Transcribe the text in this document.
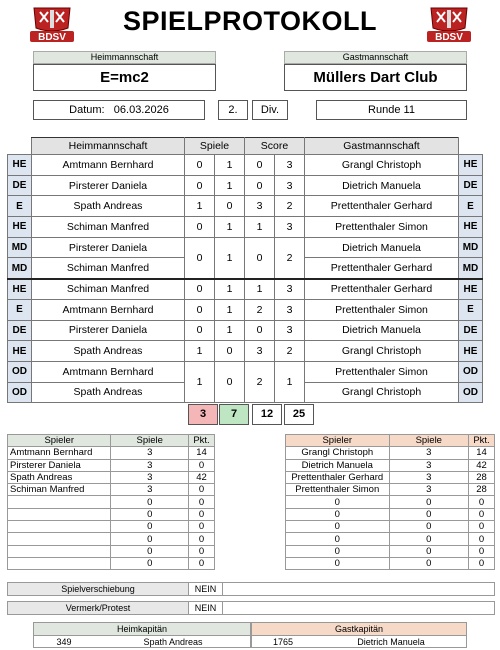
BDSV	BDSV
SPIELPROTOKOLL
Heimmannschaft
E=mc2
Gastmannschaft
Müllers Dart Club
Datum: 06.03.2026	2.	Div.	Runde 11
	Heimmannschaft	Spiele		Score		Gastmannschaft	
HE	Amtmann Bernhard	0	1	0	3	Grangl Christoph	HE
DE	Pirsterer Daniela	0	1	0	3	Dietrich Manuela	DE
E	Spath Andreas	1	0	3	2	Prettenthaler Gerhard	E
HE	Schiman Manfred	0	1	1	3	Prettenthaler Simon	HE
MD	Pirsterer Daniela	0	1	0	2	Dietrich Manuela	MD
MD	Schiman Manfred					Prettenthaler Gerhard	MD
HE	Schiman Manfred	0	1	1	3	Prettenthaler Gerhard	HE
E	Amtmann Bernhard	0	1	2	3	Prettenthaler Simon	E
DE	Pirsterer Daniela	0	1	0	3	Dietrich Manuela	DE
HE	Spath Andreas	1	0	3	2	Grangl Christoph	HE
OD	Amtmann Bernhard	1	0	2	1	Prettenthaler Simon	OD
OD	Spath Andreas					Grangl Christoph	OD
3	7	12	25
Spieler	Spiele	Pkt.
Amtmann Bernhard	3	14
Pirsterer Daniela	3	0
Spath Andreas	3	42
Schiman Manfred	3	0
	0	0
	0	0
	0	0
	0	0
	0	0
	0	0
Spieler	Spiele	Pkt.
Grangl Christoph	3	14
Dietrich Manuela	3	42
Prettenthaler Gerhard	3	28
Prettenthaler Simon	3	28
0	0	0
0	0	0
0	0	0
0	0	0
0	0	0
0	0	0
Spielverschiebung	NEIN
Vermerk/Protest	NEIN
Heimkapitän
349	Spath Andreas
Gastkapitän
1765	Dietrich Manuela
